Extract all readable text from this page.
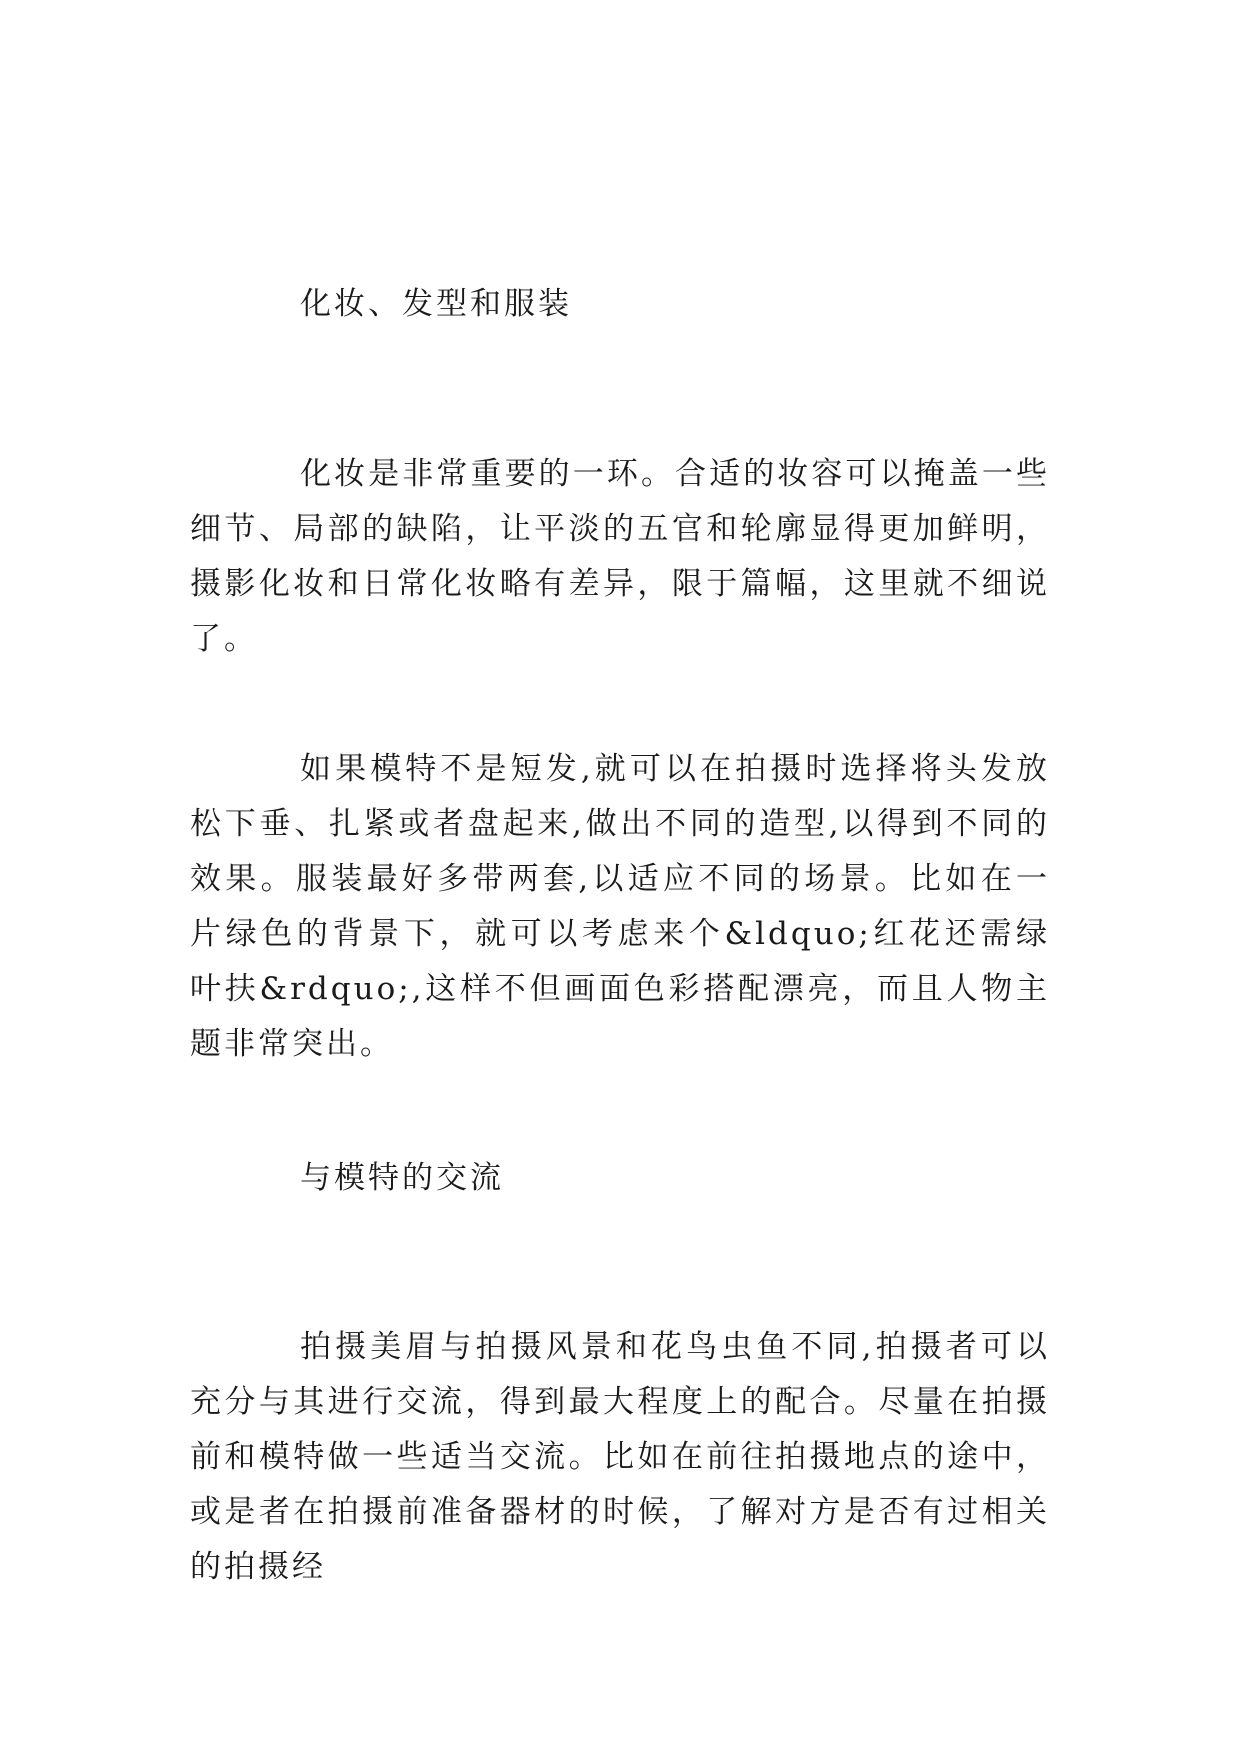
化妆、发型和服装
化妆是非常重要的一环。合适的妆容可以掩盖一些细节、局部的缺陷，让平淡的五官和轮廓显得更加鲜明，摄影化妆和日常化妆略有差异，限于篇幅，这里就不细说了。
如果模特不是短发,就可以在拍摄时选择将头发放松下垂、扎紧或者盘起来,做出不同的造型,以得到不同的效果。服装最好多带两套,以适应不同的场景。比如在一片绿色的背景下，就可以考虑来个&ldquo;红花还需绿叶扶&rdquo;,这样不但画面色彩搭配漂亮，而且人物主题非常突出。
与模特的交流
拍摄美眉与拍摄风景和花鸟虫鱼不同,拍摄者可以充分与其进行交流，得到最大程度上的配合。尽量在拍摄前和模特做一些适当交流。比如在前往拍摄地点的途中，或是者在拍摄前准备器材的时候，了解对方是否有过相关的拍摄经
